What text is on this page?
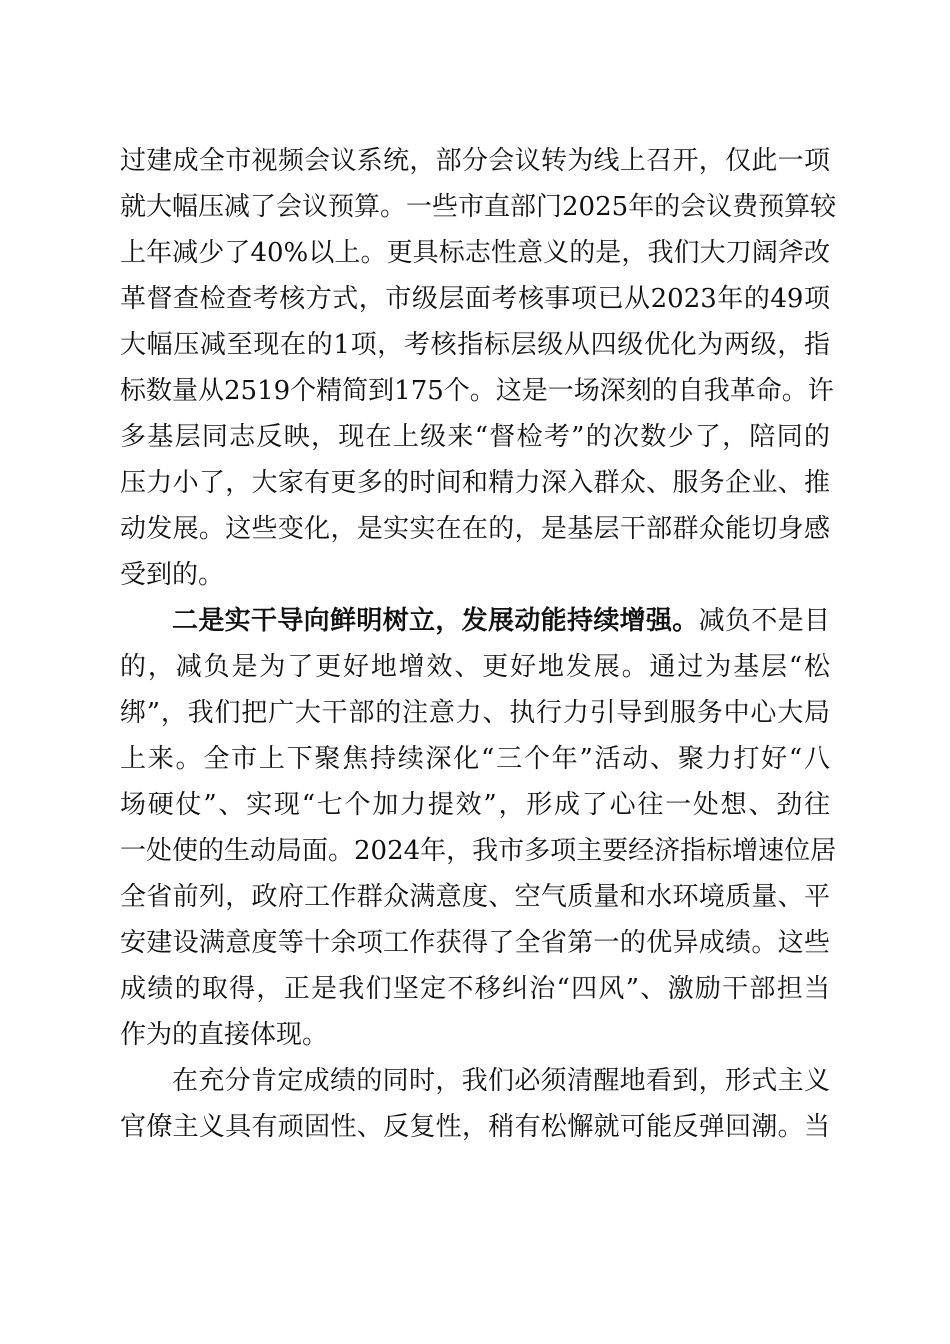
过建成全市视频会议系统，部分会议转为线上召开，仅此一项
就大幅压减了会议预算。一些市直部门2025年的会议费预算较
上年减少了40%以上。更具标志性意义的是，我们大刀阔斧改
革督查检查考核方式，市级层面考核事项已从2023年的49项
大幅压减至现在的1项，考核指标层级从四级优化为两级，指
标数量从2519个精简到175个。这是一场深刻的自我革命。许
多基层同志反映，现在上级来“督检考”的次数少了，陪同的
压力小了，大家有更多的时间和精力深入群众、服务企业、推
动发展。这些变化，是实实在在的，是基层干部群众能切身感
受到的。
二是实干导向鲜明树立，发展动能持续增强。减负不是目
的，减负是为了更好地增效、更好地发展。通过为基层“松
绑”，我们把广大干部的注意力、执行力引导到服务中心大局
上来。全市上下聚焦持续深化“三个年”活动、聚力打好“八
场硬仗”、实现“七个加力提效”，形成了心往一处想、劲往
一处使的生动局面。2024年，我市多项主要经济指标增速位居
全省前列，政府工作群众满意度、空气质量和水环境质量、平
安建设满意度等十余项工作获得了全省第一的优异成绩。这些
成绩的取得，正是我们坚定不移纠治“四风”、激励干部担当
作为的直接体现。
在充分肯定成绩的同时，我们必须清醒地看到，形式主义
官僚主义具有顽固性、反复性，稍有松懈就可能反弹回潮。当
